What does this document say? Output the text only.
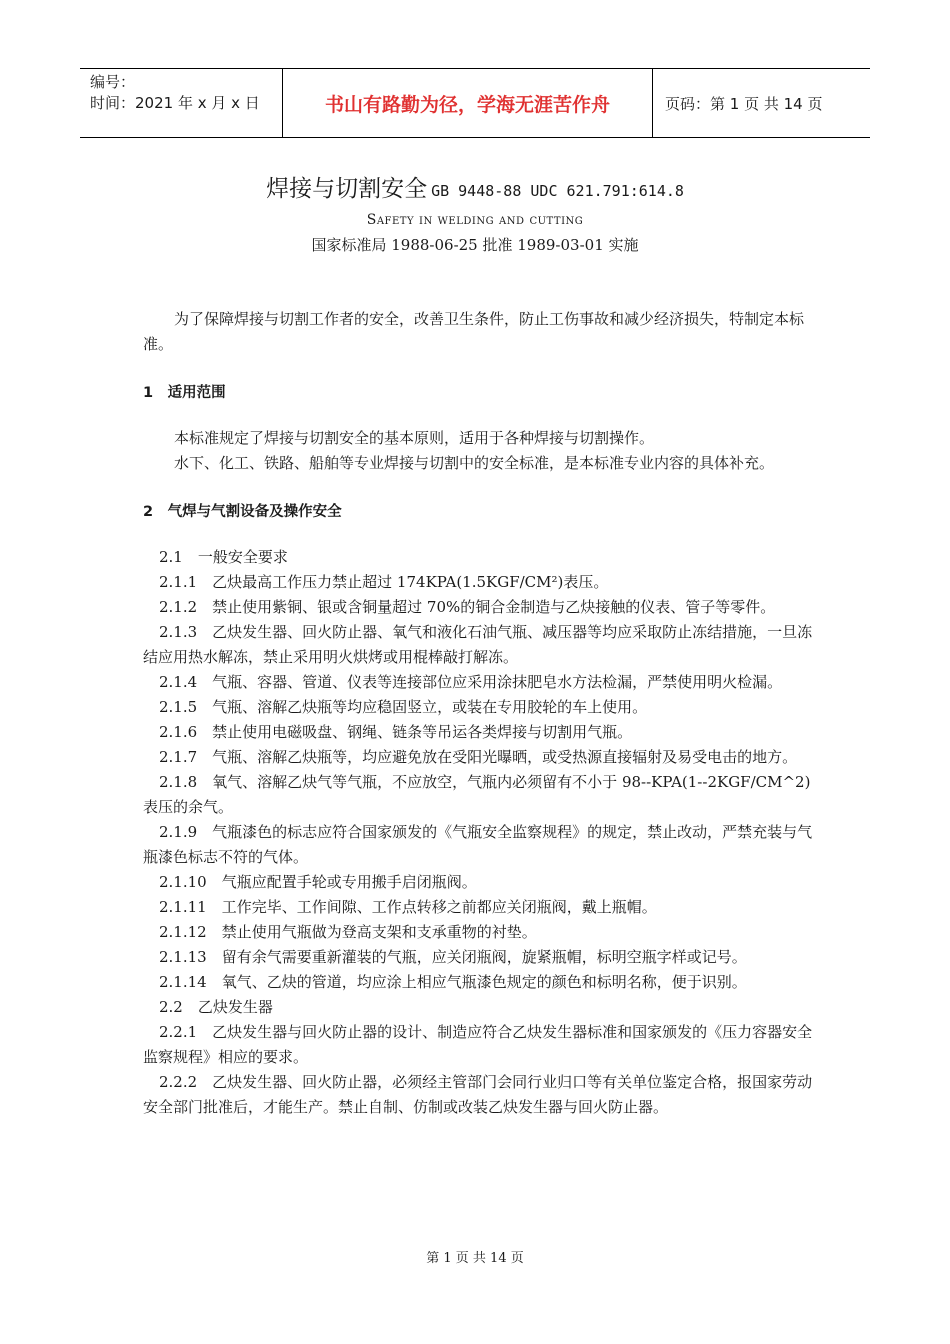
编号：
时间：2021 年 x 月 x 日	书山有路勤为径，学海无涯苦作舟	页码：第 1 页 共 14 页
焊接与切割安全 GB 9448-88 UDC 621.791:614.8
Safety in welding and cutting
国家标准局 1988-06-25 批准 1989-03-01 实施

为了保障焊接与切割工作者的安全，改善卫生条件，防止工伤事故和减少经济损失，特制定本标准。

1　适用范围

本标准规定了焊接与切割安全的基本原则，适用于各种焊接与切割操作。

水下、化工、铁路、船舶等专业焊接与切割中的安全标准，是本标准专业内容的具体补充。

2　气焊与气割设备及操作安全

2.1　一般安全要求

2.1.1　乙炔最高工作压力禁止超过 174KPA(1.5KGF/CM²)表压。

2.1.2　禁止使用紫铜、银或含铜量超过 70%的铜合金制造与乙炔接触的仪表、管子等零件。

2.1.3　乙炔发生器、回火防止器、氧气和液化石油气瓶、减压器等均应采取防止冻结措施，一旦冻结应用热水解冻，禁止采用明火烘烤或用棍棒敲打解冻。

2.1.4　气瓶、容器、管道、仪表等连接部位应采用涂抹肥皂水方法检漏，严禁使用明火检漏。

2.1.5　气瓶、溶解乙炔瓶等均应稳固竖立，或装在专用胶轮的车上使用。

2.1.6　禁止使用电磁吸盘、钢绳、链条等吊运各类焊接与切割用气瓶。

2.1.7　气瓶、溶解乙炔瓶等，均应避免放在受阳光曝晒，或受热源直接辐射及易受电击的地方。

2.1.8　氧气、溶解乙炔气等气瓶，不应放空，气瓶内必须留有不小于 98--KPA(1--2KGF/CM^2)表压的余气。

2.1.9　气瓶漆色的标志应符合国家颁发的《气瓶安全监察规程》的规定，禁止改动，严禁充装与气瓶漆色标志不符的气体。

2.1.10　气瓶应配置手轮或专用搬手启闭瓶阀。

2.1.11　工作完毕、工作间隙、工作点转移之前都应关闭瓶阀，戴上瓶帽。

2.1.12　禁止使用气瓶做为登高支架和支承重物的衬垫。

2.1.13　留有余气需要重新灌装的气瓶，应关闭瓶阀，旋紧瓶帽，标明空瓶字样或记号。

2.1.14　氧气、乙炔的管道，均应涂上相应气瓶漆色规定的颜色和标明名称，便于识别。

2.2　乙炔发生器

2.2.1　乙炔发生器与回火防止器的设计、制造应符合乙炔发生器标准和国家颁发的《压力容器安全监察规程》相应的要求。

2.2.2　乙炔发生器、回火防止器，必须经主管部门会同行业归口等有关单位鉴定合格，报国家劳动安全部门批准后，才能生产。禁止自制、仿制或改装乙炔发生器与回火防止器。

第 1 页 共 14 页
